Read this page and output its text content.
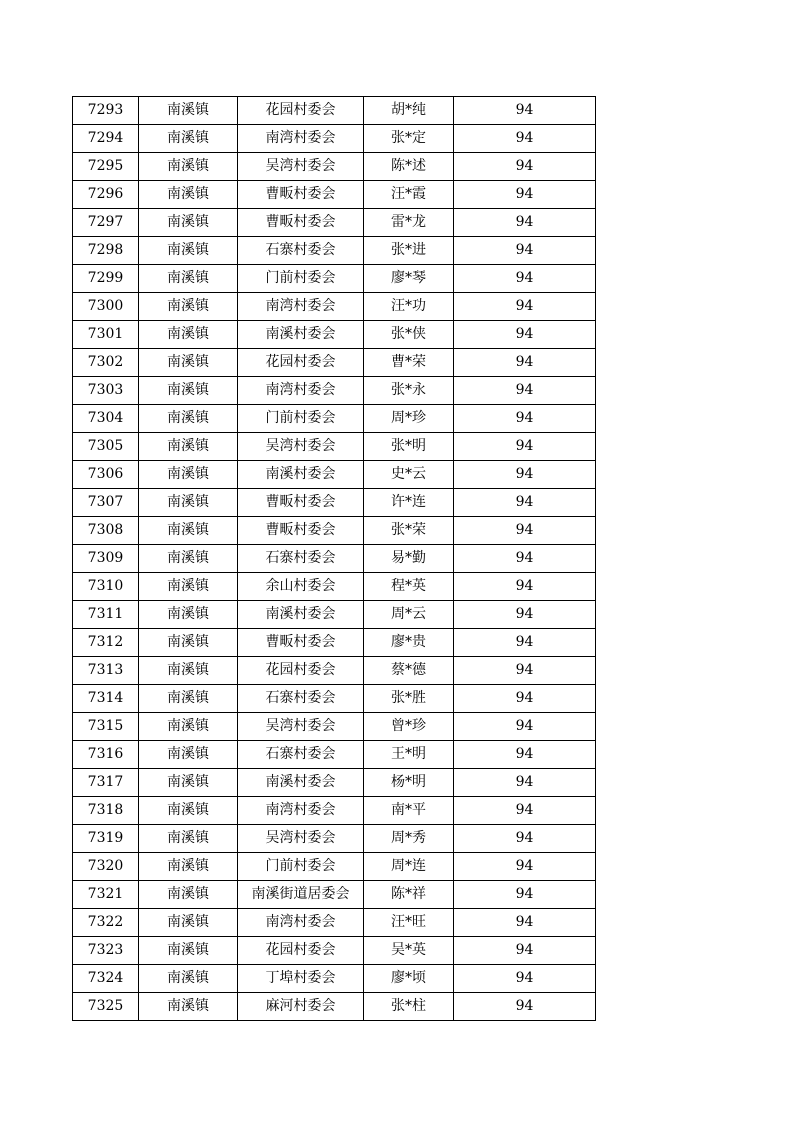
7293	南溪镇	花园村委会	胡*纯	94
7294	南溪镇	南湾村委会	张*定	94
7295	南溪镇	吴湾村委会	陈*述	94
7296	南溪镇	曹畈村委会	汪*霞	94
7297	南溪镇	曹畈村委会	雷*龙	94
7298	南溪镇	石寨村委会	张*进	94
7299	南溪镇	门前村委会	廖*琴	94
7300	南溪镇	南湾村委会	汪*功	94
7301	南溪镇	南溪村委会	张*侠	94
7302	南溪镇	花园村委会	曹*荣	94
7303	南溪镇	南湾村委会	张*永	94
7304	南溪镇	门前村委会	周*珍	94
7305	南溪镇	吴湾村委会	张*明	94
7306	南溪镇	南溪村委会	史*云	94
7307	南溪镇	曹畈村委会	许*连	94
7308	南溪镇	曹畈村委会	张*荣	94
7309	南溪镇	石寨村委会	易*勤	94
7310	南溪镇	余山村委会	程*英	94
7311	南溪镇	南溪村委会	周*云	94
7312	南溪镇	曹畈村委会	廖*贵	94
7313	南溪镇	花园村委会	蔡*德	94
7314	南溪镇	石寨村委会	张*胜	94
7315	南溪镇	吴湾村委会	曾*珍	94
7316	南溪镇	石寨村委会	王*明	94
7317	南溪镇	南溪村委会	杨*明	94
7318	南溪镇	南湾村委会	南*平	94
7319	南溪镇	吴湾村委会	周*秀	94
7320	南溪镇	门前村委会	周*连	94
7321	南溪镇	南溪街道居委会	陈*祥	94
7322	南溪镇	南湾村委会	汪*旺	94
7323	南溪镇	花园村委会	吴*英	94
7324	南溪镇	丁埠村委会	廖*顷	94
7325	南溪镇	麻河村委会	张*柱	94
